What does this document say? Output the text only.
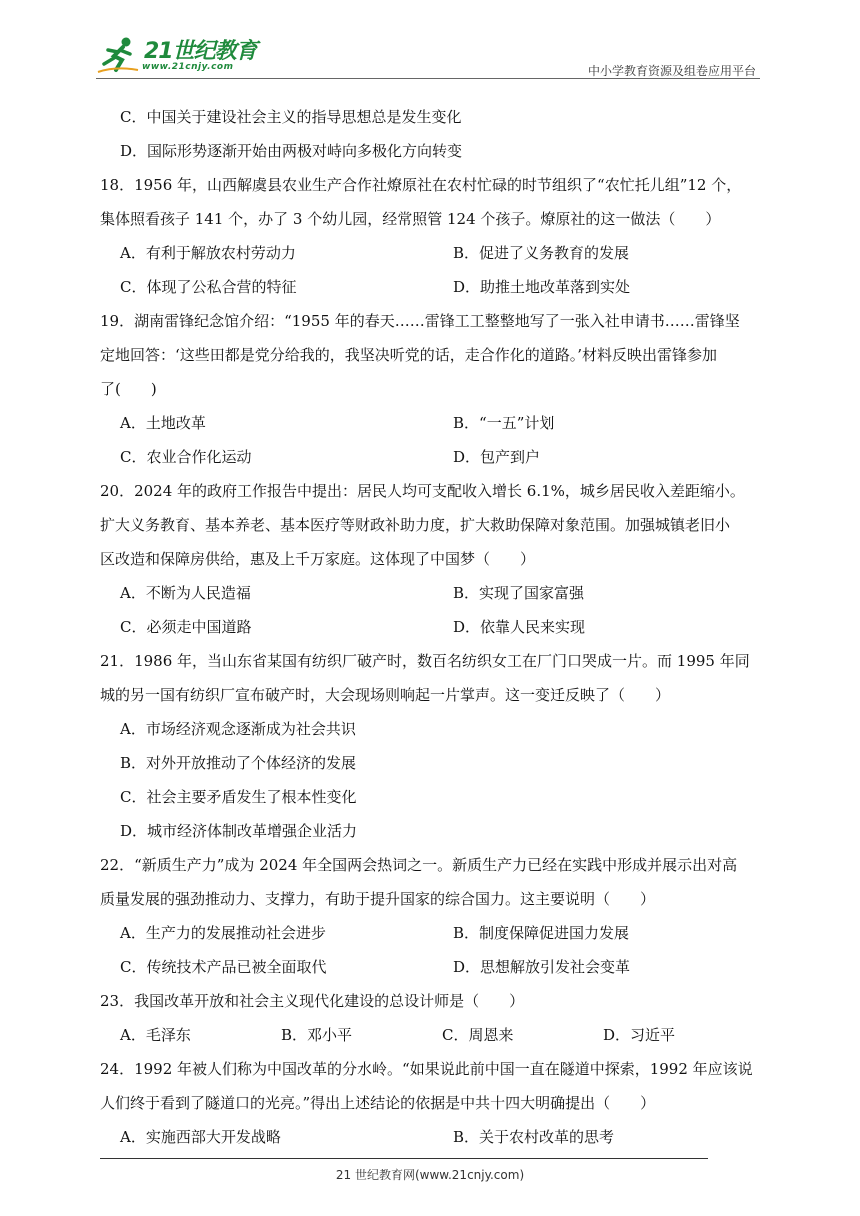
21世纪教育
www.21cnjy.com	中小学教育资源及组卷应用平台
C．中国关于建设社会主义的指导思想总是发生变化
D．国际形势逐渐开始由两极对峙向多极化方向转变
18．1956 年，山西解虞县农业生产合作社燎原社在农村忙碌的时节组织了“农忙托儿组”12 个，
集体照看孩子 141 个，办了 3 个幼儿园，经常照管 124 个孩子。燎原社的这一做法（　　）
A．有利于解放农村劳动力	B．促进了义务教育的发展
C．体现了公私合营的特征	D．助推土地改革落到实处
19．湖南雷锋纪念馆介绍：“1955 年的春天……雷锋工工整整地写了一张入社申请书……雷锋坚
定地回答：‘这些田都是党分给我的，我坚决听党的话，走合作化的道路。’材料反映出雷锋参加
了(　　)
A．土地改革	B．“一五”计划
C．农业合作化运动	D．包产到户
20．2024 年的政府工作报告中提出：居民人均可支配收入增长 6.1%，城乡居民收入差距缩小。
扩大义务教育、基本养老、基本医疗等财政补助力度，扩大救助保障对象范围。加强城镇老旧小
区改造和保障房供给，惠及上千万家庭。这体现了中国梦（　　）
A．不断为人民造福	B．实现了国家富强
C．必须走中国道路	D．依靠人民来实现
21．1986 年，当山东省某国有纺织厂破产时，数百名纺织女工在厂门口哭成一片。而 1995 年同
城的另一国有纺织厂宣布破产时，大会现场则响起一片掌声。这一变迁反映了（　　）
A．市场经济观念逐渐成为社会共识
B．对外开放推动了个体经济的发展
C．社会主要矛盾发生了根本性变化
D．城市经济体制改革增强企业活力
22．“新质生产力”成为 2024 年全国两会热词之一。新质生产力已经在实践中形成并展示出对高
质量发展的强劲推动力、支撑力，有助于提升国家的综合国力。这主要说明（　　）
A．生产力的发展推动社会进步	B．制度保障促进国力发展
C．传统技术产品已被全面取代	D．思想解放引发社会变革
23．我国改革开放和社会主义现代化建设的总设计师是（　　）
A．毛泽东	B．邓小平	C．周恩来	D．习近平
24．1992 年被人们称为中国改革的分水岭。“如果说此前中国一直在隧道中探索，1992 年应该说
人们终于看到了隧道口的光亮。”得出上述结论的依据是中共十四大明确提出（　　）
A．实施西部大开发战略	B．关于农村改革的思考
21 世纪教育网(www.21cnjy.com)
